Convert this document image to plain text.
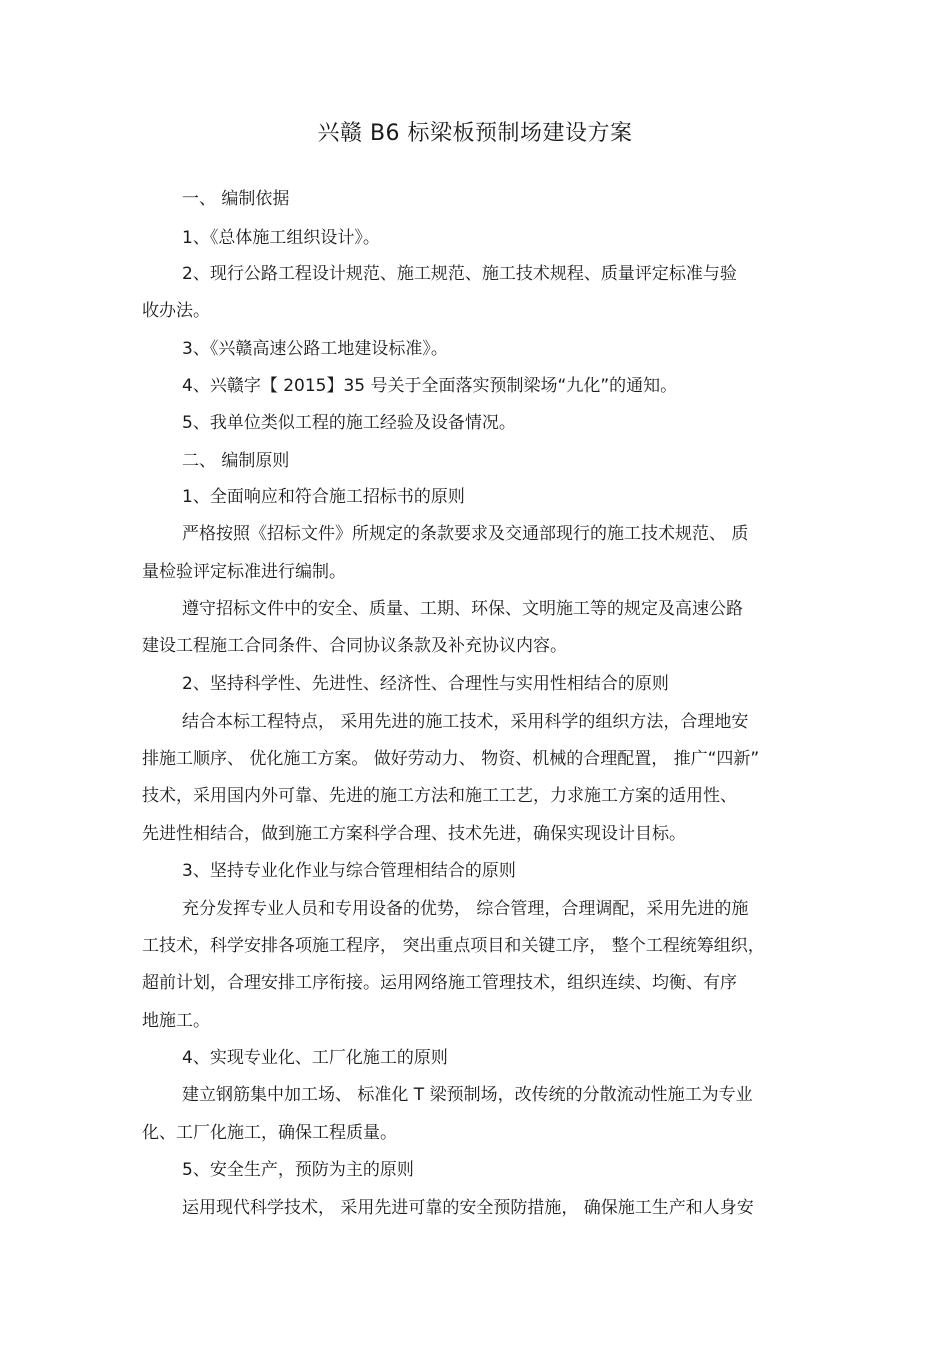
兴赣 B6 标梁板预制场建设方案
一、 编制依据
1、《总体施工组织设计》。
2、现行公路工程设计规范、施工规范、施工技术规程、质量评定标准与验
收办法。
3、《兴赣高速公路工地建设标准》。
4、兴赣字【 2015】35 号关于全面落实预制梁场“九化”的通知。
5、我单位类似工程的施工经验及设备情况。
二、 编制原则
1、全面响应和符合施工招标书的原则
严格按照《招标文件》所规定的条款要求及交通部现行的施工技术规范、 质
量检验评定标准进行编制。
遵守招标文件中的安全、质量、工期、环保、文明施工等的规定及高速公路
建设工程施工合同条件、合同协议条款及补充协议内容。
2、坚持科学性、先进性、经济性、合理性与实用性相结合的原则
结合本标工程特点， 采用先进的施工技术，采用科学的组织方法，合理地安
排施工顺序、 优化施工方案。 做好劳动力、 物资、机械的合理配置， 推广“四新”
技术，采用国内外可靠、先进的施工方法和施工工艺，力求施工方案的适用性、
先进性相结合，做到施工方案科学合理、技术先进，确保实现设计目标。
3、坚持专业化作业与综合管理相结合的原则
充分发挥专业人员和专用设备的优势， 综合管理，合理调配，采用先进的施
工技术，科学安排各项施工程序， 突出重点项目和关键工序， 整个工程统筹组织，
超前计划，合理安排工序衔接。运用网络施工管理技术，组织连续、均衡、有序
地施工。
4、实现专业化、工厂化施工的原则
建立钢筋集中加工场、 标准化 T 梁预制场，改传统的分散流动性施工为专业
化、工厂化施工，确保工程质量。
5、安全生产，预防为主的原则
运用现代科学技术， 采用先进可靠的安全预防措施， 确保施工生产和人身安
